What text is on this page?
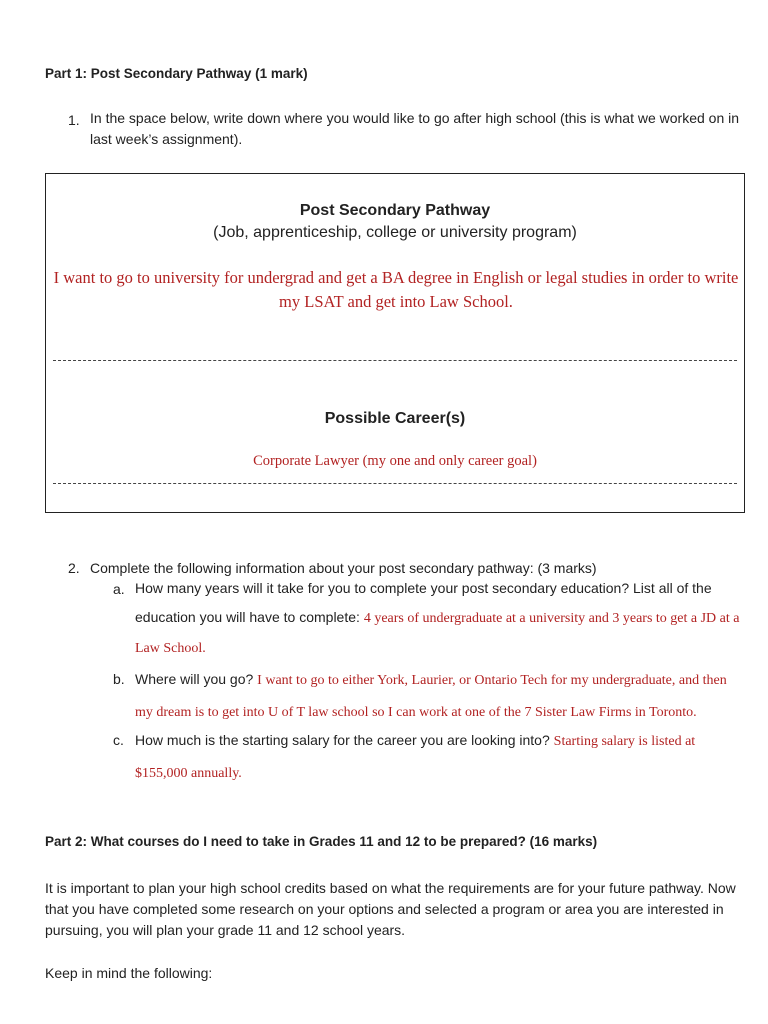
Part 1: Post Secondary Pathway (1 mark)
1. In the space below, write down where you would like to go after high school (this is what we worked on in last week’s assignment).
Post Secondary Pathway
(Job, apprenticeship, college or university program)
I want to go to university for undergrad and get a BA degree in English or legal studies in order to write my LSAT and get into Law School.
Possible Career(s)
Corporate Lawyer (my one and only career goal)
2. Complete the following information about your post secondary pathway: (3 marks)
a. How many years will it take for you to complete your post secondary education? List all of the education you will have to complete: 4 years of undergraduate at a university and 3 years to get a JD at a Law School.
b. Where will you go? I want to go to either York, Laurier, or Ontario Tech for my undergraduate, and then my dream is to get into U of T law school so I can work at one of the 7 Sister Law Firms in Toronto.
c. How much is the starting salary for the career you are looking into? Starting salary is listed at $155,000 annually.
Part 2: What courses do I need to take in Grades 11 and 12 to be prepared? (16 marks)
It is important to plan your high school credits based on what the requirements are for your future pathway. Now that you have completed some research on your options and selected a program or area you are interested in pursuing, you will plan your grade 11 and 12 school years.
Keep in mind the following:
